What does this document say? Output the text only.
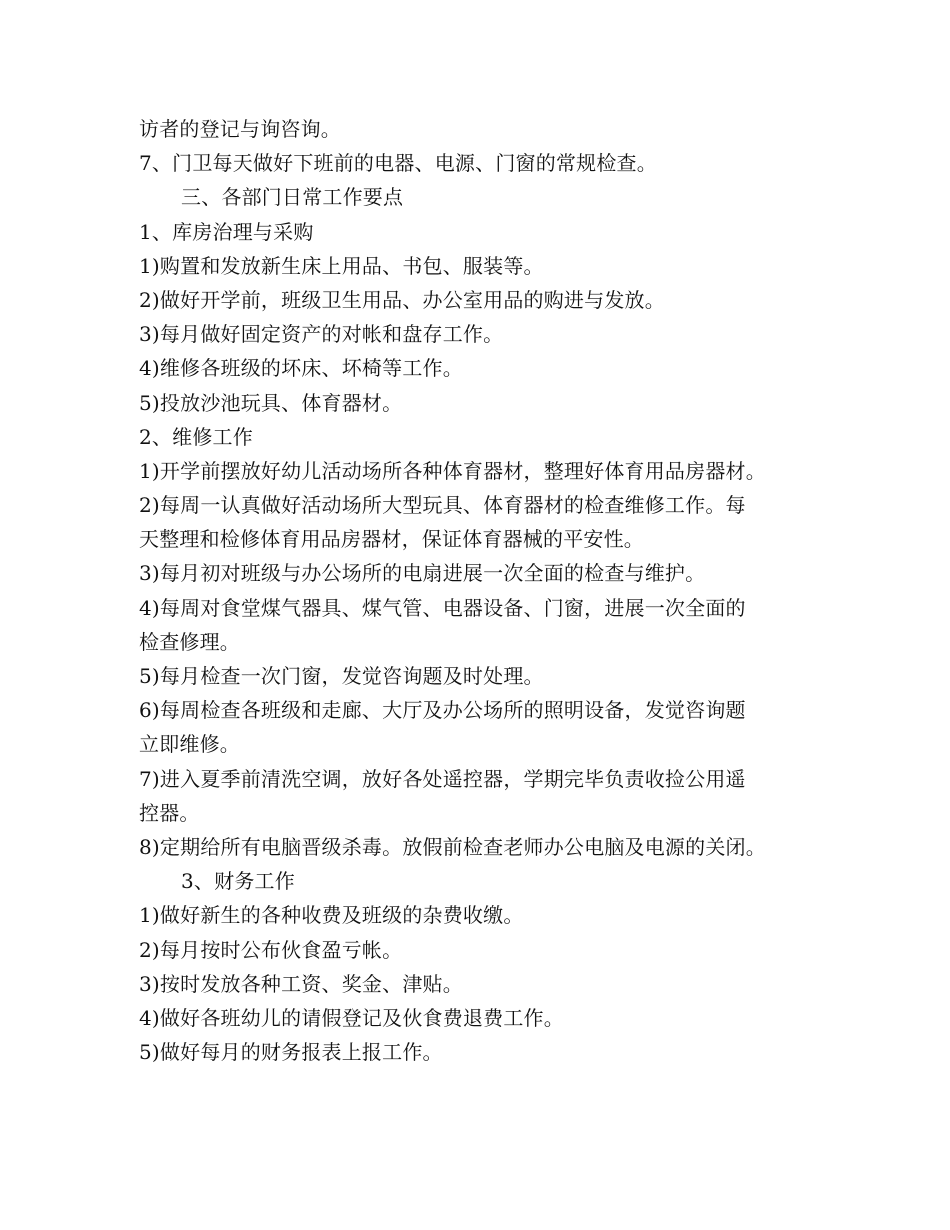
访者的登记与询咨询。
7、门卫每天做好下班前的电器、电源、门窗的常规检查。
三、各部门日常工作要点
1、库房治理与采购
1)购置和发放新生床上用品、书包、服装等。
2)做好开学前，班级卫生用品、办公室用品的购进与发放。
3)每月做好固定资产的对帐和盘存工作。
4)维修各班级的坏床、坏椅等工作。
5)投放沙池玩具、体育器材。
2、维修工作
1)开学前摆放好幼儿活动场所各种体育器材，整理好体育用品房器材。
2)每周一认真做好活动场所大型玩具、体育器材的检查维修工作。每
天整理和检修体育用品房器材，保证体育器械的平安性。
3)每月初对班级与办公场所的电扇进展一次全面的检查与维护。
4)每周对食堂煤气器具、煤气管、电器设备、门窗，进展一次全面的
检查修理。
5)每月检查一次门窗，发觉咨询题及时处理。
6)每周检查各班级和走廊、大厅及办公场所的照明设备，发觉咨询题
立即维修。
7)进入夏季前清洗空调，放好各处遥控器，学期完毕负责收捡公用遥
控器。
8)定期给所有电脑晋级杀毒。放假前检查老师办公电脑及电源的关闭。
3、财务工作
1)做好新生的各种收费及班级的杂费收缴。
2)每月按时公布伙食盈亏帐。
3)按时发放各种工资、奖金、津贴。
4)做好各班幼儿的请假登记及伙食费退费工作。
5)做好每月的财务报表上报工作。
